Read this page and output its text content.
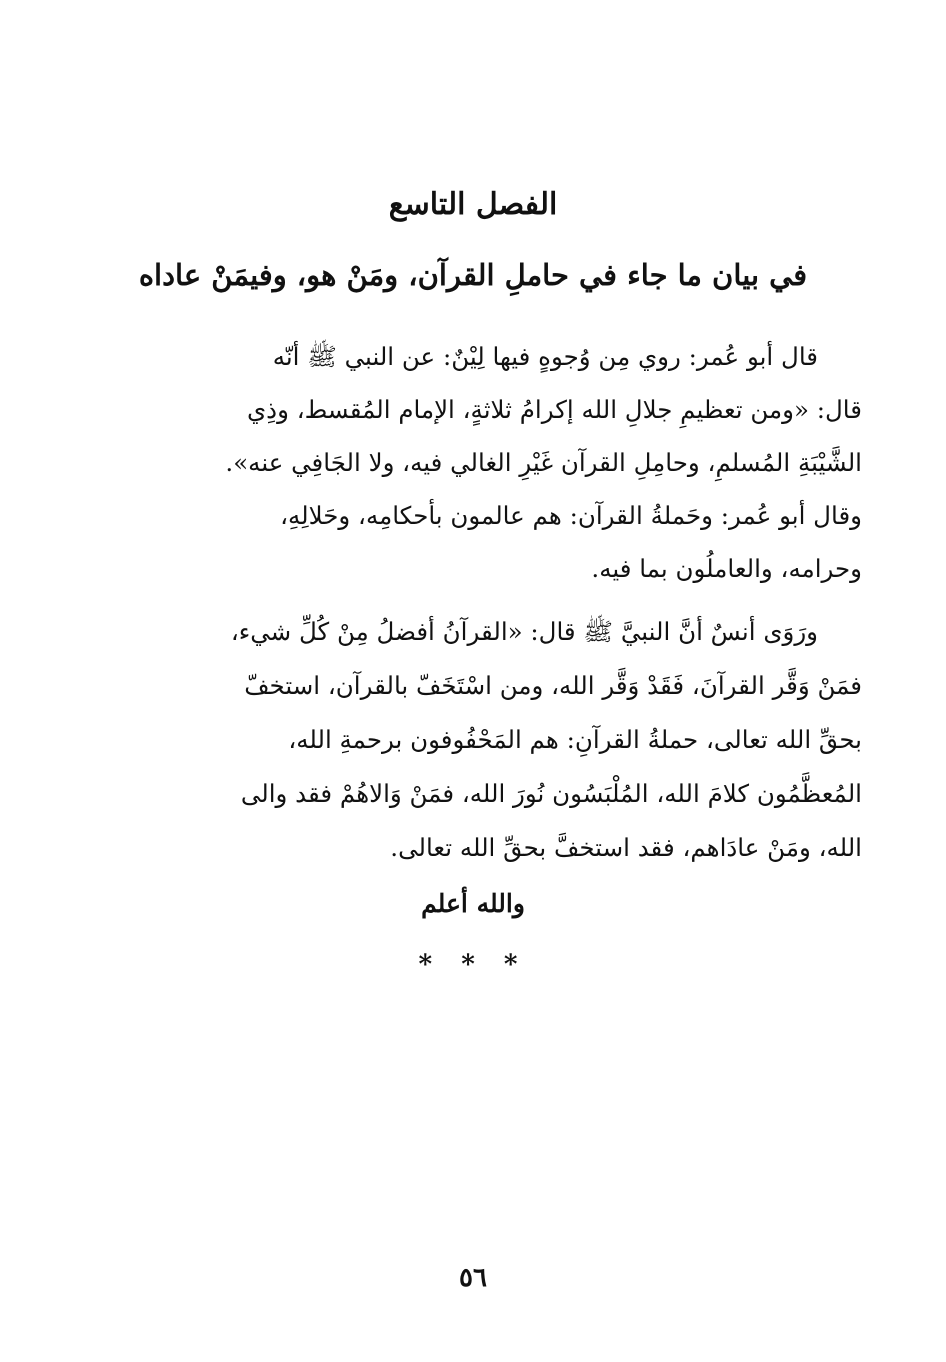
الفصل التاسع
في بيان ما جاء في حاملِ القرآن، ومَنْ هو، وفيمَنْ عاداه

قال أبو عُمر: روي مِن وُجوهٍ فيها لِيْنٌ: عن النبي ﷺ أنّه

قال: «ومن تعظيمِ جلالِ الله إكرامُ ثلاثةٍ، الإمام المُقسط، وذِي

الشَّيْبَةِ المُسلمِ، وحامِلِ القرآن غَيْرِ الغالي فيه، ولا الجَافِي عنه».

وقال أبو عُمر: وحَملةُ القرآن: هم عالمون بأحكامِه، وحَلالِهِ،

وحرامه، والعاملُون بما فيه.

ورَوَى أنسٌ أنَّ النبيَّ ﷺ قال: «القرآنُ أفضلُ مِنْ كُلِّ شيء،

فمَنْ وَقَّر القرآنَ، فَقَدْ وَقَّر الله، ومن اسْتَخَفّ بالقرآن، استخفّ

بحقِّ الله تعالى، حملةُ القرآنِ: هم المَحْفُوفون برحمةِ الله،

المُعظَّمُون كلامَ الله، المُلْبَسُون نُورَ الله، فمَنْ وَالاهُمْ فقد والى

الله، ومَنْ عادَاهم، فقد استخفَّ بحقِّ الله تعالى.

والله أعلم
* * *
٥٦
